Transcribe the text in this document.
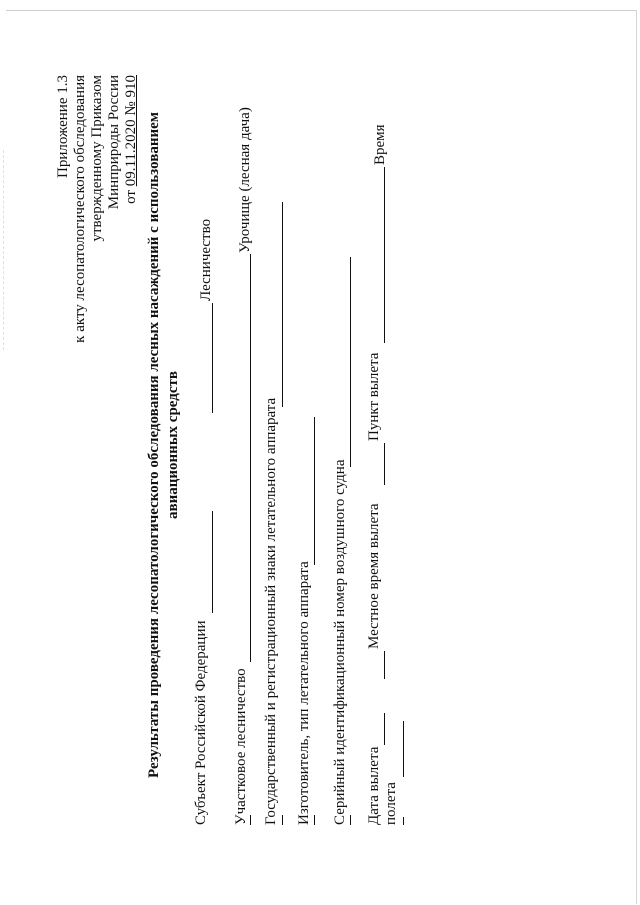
Приложение 1.3 к акту лесопатологического обследования утвержденному Приказом Минприроды России от 09.11.2020 № 910 Результаты проведения лесопатологического обследования лесных насаждений с использованием авиационных средств
Субъект Российской Федерации
Лесничество
Участковое лесничество
Урочище (лесная дача)
Государственный и регистрационный знаки летательного аппарата Изготовитель, тип летательного аппарата Серийный идентификационный номер воздушного судна Дата вылета
Местное время вылета
Пункт вылета
Время
полета
